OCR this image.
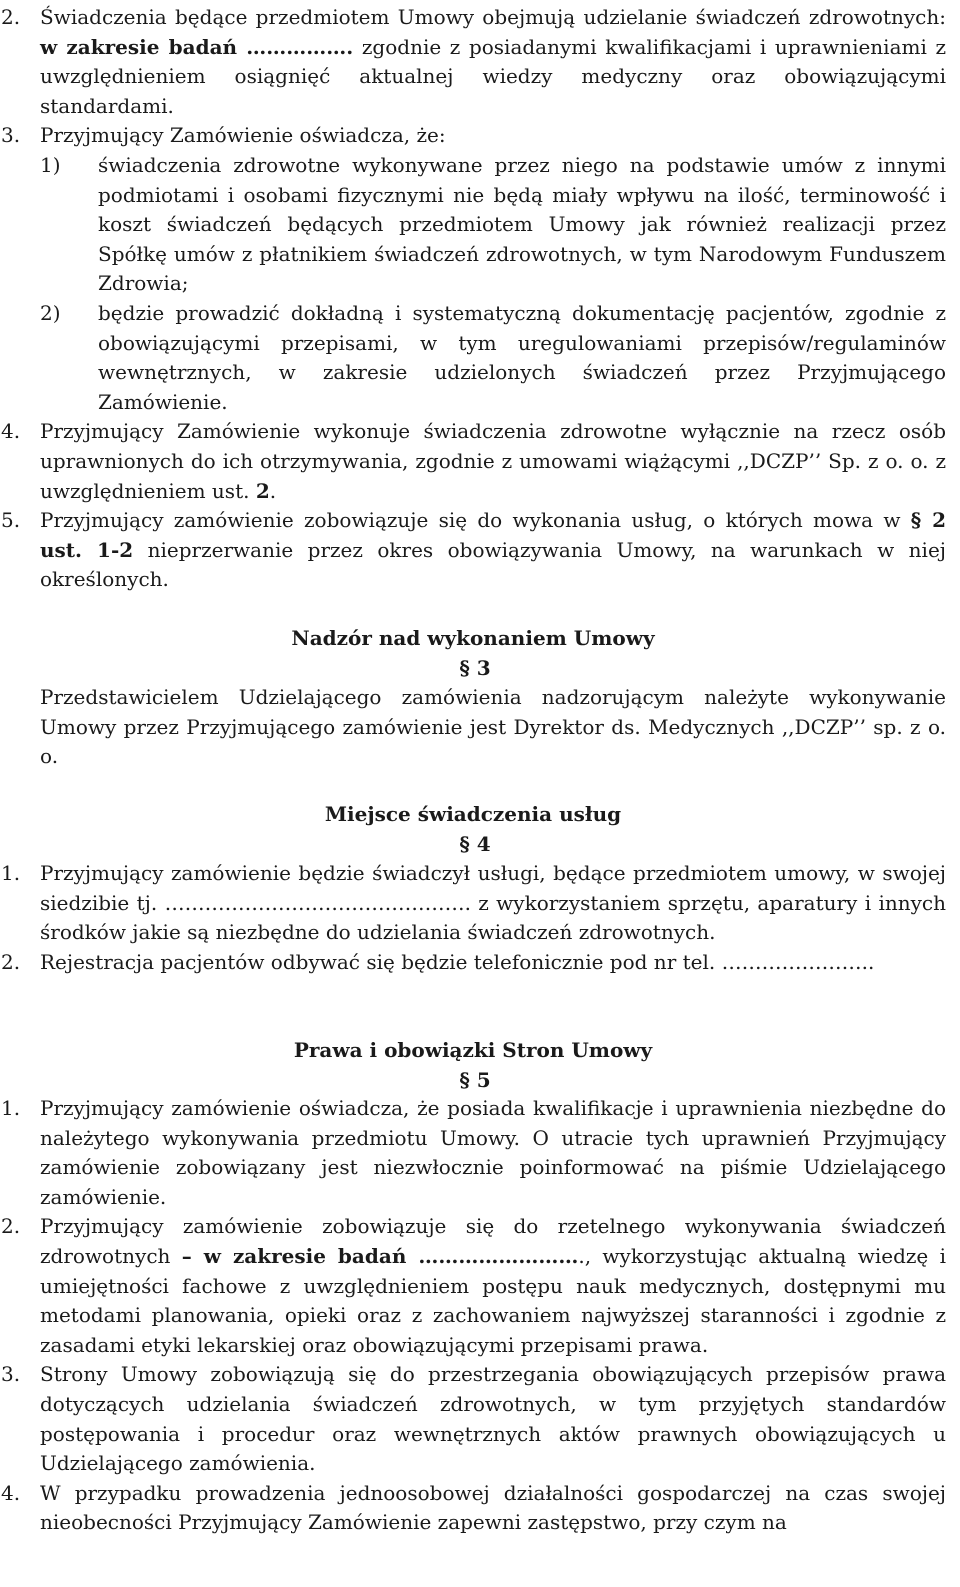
2. Świadczenia będące przedmiotem Umowy obejmują udzielanie świadczeń zdrowotnych: w zakresie badań ……………. zgodnie z posiadanymi kwalifikacjami i uprawnieniami z uwzględnieniem osiągnięć aktualnej wiedzy medyczny oraz obowiązującymi standardami.
3. Przyjmujący Zamówienie oświadcza, że:
1)	świadczenia zdrowotne wykonywane przez niego na podstawie umów z innymi podmiotami i osobami fizycznymi nie będą miały wpływu na ilość, terminowość i koszt świadczeń będących przedmiotem Umowy jak również realizacji przez Spółkę umów z płatnikiem świadczeń zdrowotnych, w tym Narodowym Funduszem Zdrowia;
2)	będzie prowadzić dokładną i systematyczną dokumentację pacjentów, zgodnie z obowiązującymi przepisami, w tym uregulowaniami przepisów/regulaminów wewnętrznych, w zakresie udzielonych świadczeń przez Przyjmującego Zamówienie.
4. Przyjmujący Zamówienie wykonuje świadczenia zdrowotne wyłącznie na rzecz osób uprawnionych do ich otrzymywania, zgodnie z umowami wiążącymi ,,DCZP’’ Sp. z o. o. z uwzględnieniem ust. 2.
5. Przyjmujący zamówienie zobowiązuje się do wykonania usług, o których mowa w § 2 ust. 1-2 nieprzerwanie przez okres obowiązywania Umowy, na warunkach w niej określonych.
Nadzór nad wykonaniem Umowy
§ 3
Przedstawicielem Udzielającego zamówienia nadzorującym należyte wykonywanie Umowy przez Przyjmującego zamówienie jest Dyrektor ds. Medycznych ,,DCZP’’ sp. z o. o.
Miejsce świadczenia usług
§ 4
1. Przyjmujący zamówienie będzie świadczył usługi, będące przedmiotem umowy, w swojej siedzibie tj. ………………………………………. z wykorzystaniem sprzętu, aparatury i innych środków jakie są niezbędne do udzielania świadczeń zdrowotnych.
2. Rejestracja pacjentów odbywać się będzie telefonicznie pod nr tel. …………………..
Prawa i obowiązki Stron Umowy
§ 5
1. Przyjmujący zamówienie oświadcza, że posiada kwalifikacje i uprawnienia niezbędne do należytego wykonywania przedmiotu Umowy. O utracie tych uprawnień Przyjmujący zamówienie zobowiązany jest niezwłocznie poinformować na piśmie Udzielającego zamówienie.
2. Przyjmujący zamówienie zobowiązuje się do rzetelnego wykonywania świadczeń zdrowotnych – w zakresie badań ……………………., wykorzystując aktualną wiedzę i umiejętności fachowe z uwzględnieniem postępu nauk medycznych, dostępnymi mu metodami planowania, opieki oraz z zachowaniem najwyższej staranności i zgodnie z zasadami etyki lekarskiej oraz obowiązującymi przepisami prawa.
3. Strony Umowy zobowiązują się do przestrzegania obowiązujących przepisów prawa dotyczących udzielania świadczeń zdrowotnych, w tym przyjętych standardów postępowania i procedur oraz wewnętrznych aktów prawnych obowiązujących u Udzielającego zamówienia.
4. W przypadku prowadzenia jednoosobowej działalności gospodarczej na czas swojej nieobecności Przyjmujący Zamówienie zapewni zastępstwo, przy czym na
